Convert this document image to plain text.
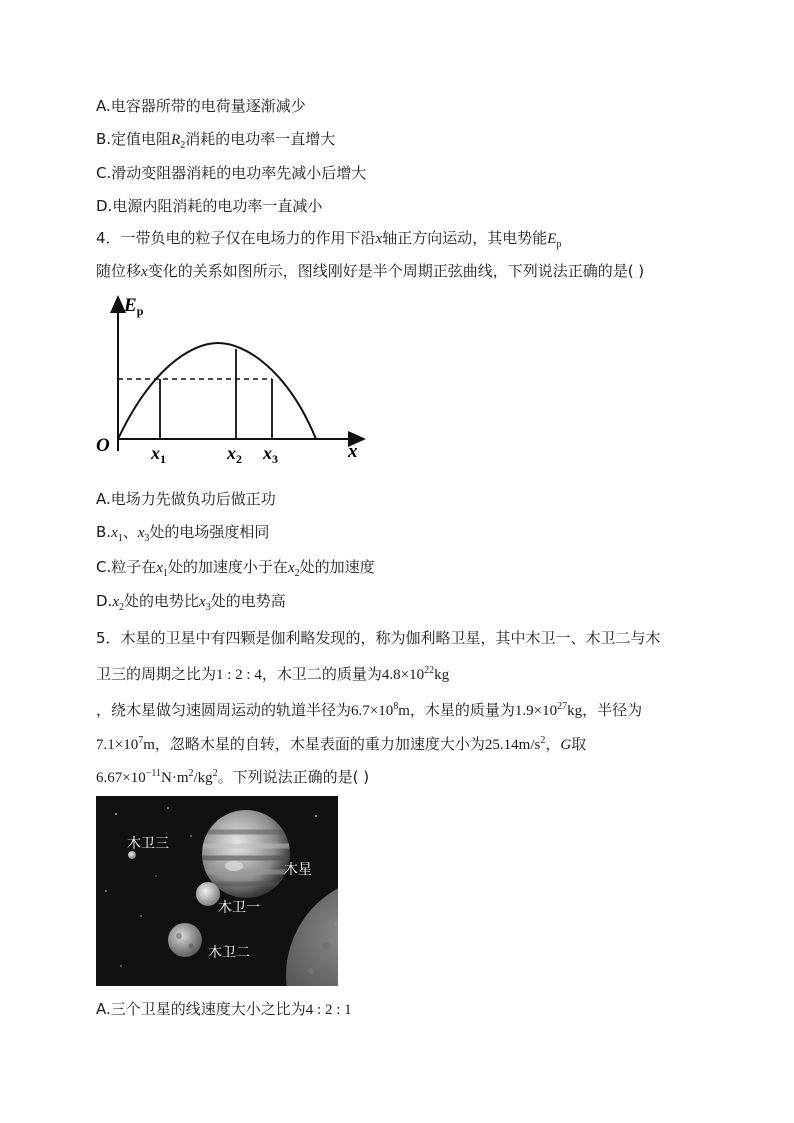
A.电容器所带的电荷量逐渐减少
B.定值电阻$R_2$消耗的电功率一直增大
C.滑动变阻器消耗的电功率先减小后增大
D.电源内阻消耗的电功率一直减小
4．一带负电的粒子仅在电场力的作用下沿x轴正方向运动，其电势能$E_p$
随位移x变化的关系如图所示，图线刚好是半个周期正弦曲线，下列说法正确的是( )
$E_p$
O	x
$x_1$	$x_2$ $x_3$
A.电场力先做负功后做正功
$B.x_1$、$x_3$处的电场强度相同
C.粒子在$x_1$处的加速度小于在$x_2$处的加速度
$D.x_2$处的电势比$x_3$处的电势高
5．木星的卫星中有四颗是伽利略发现的，称为伽利略卫星，其中木卫一、木卫二与木
卫三的周期之比为1 : 2 : 4，木卫二的质量为$4.8\times 10^{22}kg$
，绕木星做匀速圆周运动的轨道半径为$6.7\times 10^8m$，木星的质量为$1.9\times 10^{27}kg$，半径为
$7.1\times 10^7m$，忽略木星的自转，木星表面的重力加速度大小为$25.14m/s^2$，G取
$6.67\times 10^{-11}N\cdot m^2/kg^2$。下列说法正确的是( )
木卫三
木星
木卫一
木卫二
A.三个卫星的线速度大小之比为4 : 2 : 1
